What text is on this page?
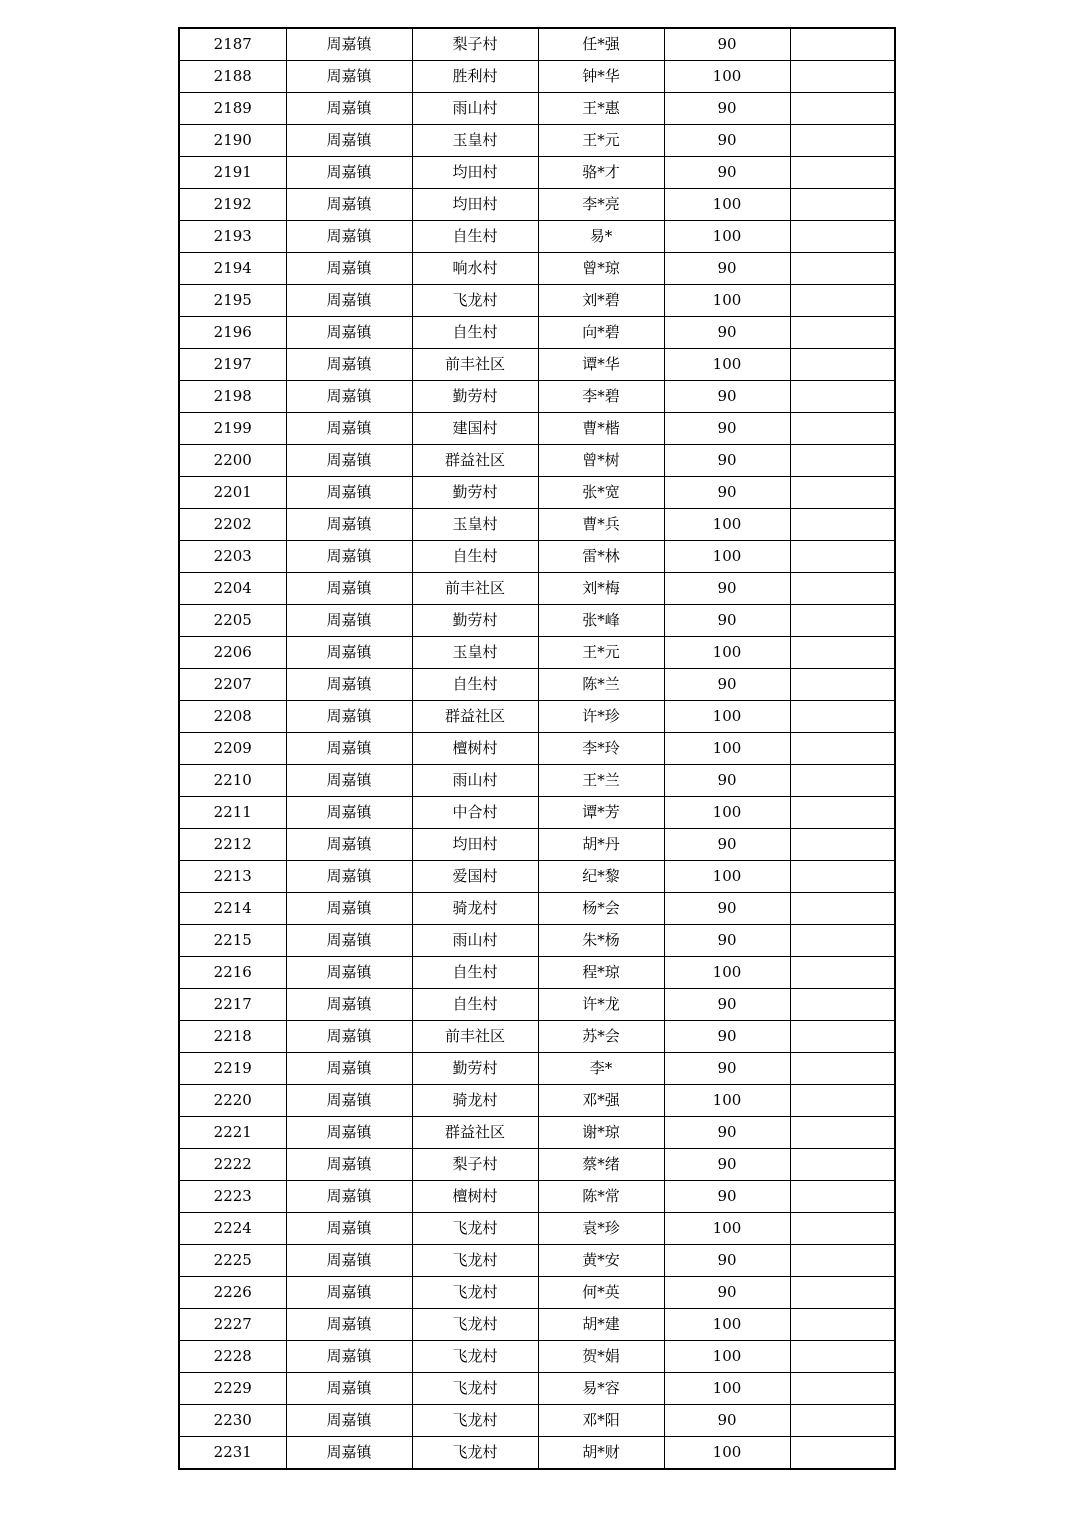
2187	周嘉镇	梨子村	任*强	90	
2188	周嘉镇	胜利村	钟*华	100	
2189	周嘉镇	雨山村	王*惠	90	
2190	周嘉镇	玉皇村	王*元	90	
2191	周嘉镇	均田村	骆*才	90	
2192	周嘉镇	均田村	李*亮	100	
2193	周嘉镇	自生村	易*	100	
2194	周嘉镇	响水村	曾*琼	90	
2195	周嘉镇	飞龙村	刘*碧	100	
2196	周嘉镇	自生村	向*碧	90	
2197	周嘉镇	前丰社区	谭*华	100	
2198	周嘉镇	勤劳村	李*碧	90	
2199	周嘉镇	建国村	曹*楷	90	
2200	周嘉镇	群益社区	曾*树	90	
2201	周嘉镇	勤劳村	张*宽	90	
2202	周嘉镇	玉皇村	曹*兵	100	
2203	周嘉镇	自生村	雷*林	100	
2204	周嘉镇	前丰社区	刘*梅	90	
2205	周嘉镇	勤劳村	张*峰	90	
2206	周嘉镇	玉皇村	王*元	100	
2207	周嘉镇	自生村	陈*兰	90	
2208	周嘉镇	群益社区	许*珍	100	
2209	周嘉镇	檀树村	李*玲	100	
2210	周嘉镇	雨山村	王*兰	90	
2211	周嘉镇	中合村	谭*芳	100	
2212	周嘉镇	均田村	胡*丹	90	
2213	周嘉镇	爱国村	纪*黎	100	
2214	周嘉镇	骑龙村	杨*会	90	
2215	周嘉镇	雨山村	朱*杨	90	
2216	周嘉镇	自生村	程*琼	100	
2217	周嘉镇	自生村	许*龙	90	
2218	周嘉镇	前丰社区	苏*会	90	
2219	周嘉镇	勤劳村	李*	90	
2220	周嘉镇	骑龙村	邓*强	100	
2221	周嘉镇	群益社区	谢*琼	90	
2222	周嘉镇	梨子村	蔡*绪	90	
2223	周嘉镇	檀树村	陈*常	90	
2224	周嘉镇	飞龙村	袁*珍	100	
2225	周嘉镇	飞龙村	黄*安	90	
2226	周嘉镇	飞龙村	何*英	90	
2227	周嘉镇	飞龙村	胡*建	100	
2228	周嘉镇	飞龙村	贺*娟	100	
2229	周嘉镇	飞龙村	易*容	100	
2230	周嘉镇	飞龙村	邓*阳	90	
2231	周嘉镇	飞龙村	胡*财	100	
